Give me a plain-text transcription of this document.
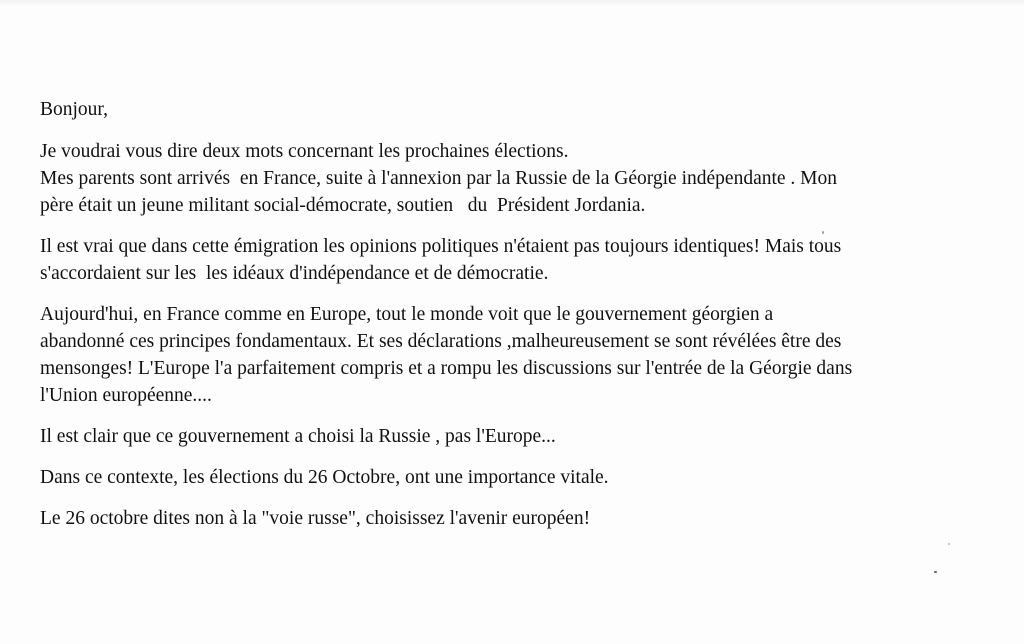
Bonjour,

Je voudrai vous dire deux mots concernant les prochaines élections.

Mes parents sont arrivés  en France, suite à l'annexion par la Russie de la Géorgie indépendante . Mon

père était un jeune militant social-démocrate, soutien   du  Président Jordania.

Il est vrai que dans cette émigration les opinions politiques n'étaient pas toujours identiques! Mais tous

s'accordaient sur les  les idéaux d'indépendance et de démocratie.

Aujourd'hui, en France comme en Europe, tout le monde voit que le gouvernement géorgien a

abandonné ces principes fondamentaux. Et ses déclarations ,malheureusement se sont révélées être des

mensonges! L'Europe l'a parfaitement compris et a rompu les discussions sur l'entrée de la Géorgie dans

l'Union européenne....

Il est clair que ce gouvernement a choisi la Russie , pas l'Europe...

Dans ce contexte, les élections du 26 Octobre, ont une importance vitale.

Le 26 octobre dites non à la "voie russe", choisissez l'avenir européen!
